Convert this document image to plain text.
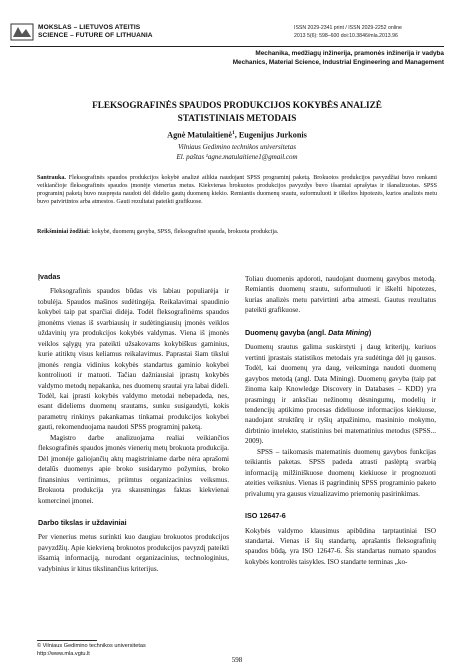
MOKSLAS – LIETUVOS ATEITIS
SCIENCE – FUTURE OF LITHUANIA
ISSN 2029-2341 print / ISSN 2029-2252 online
2013 5(6): 598–600 doi:10.3846/mla.2013.96
Mechanika, medžiagų inžinerija, pramonės inžinerija ir vadyba
Mechanics, Material Science, Industrial Engineering and Management
FLEKSOGRAFINĖS SPAUDOS PRODUKCIJOS KOKYBĖS ANALIZĖ
STATISTINIAIS METODAIS
Agnė Matulaitienė$^1$, Eugenijus Jurkonis
Vilniaus Gedimino technikos universitetas
El. paštas ¹agne.matulaitiene1@gmail.com
Santrauka. Fleksografinės spaudos produkcijos kokybė analizė atlikta naudojant SPSS programinį paketą. Brokuotos produkcijos pavyzdžiai buvo renkami veikiančioje fleksografinės spaudos įmonėje vienerius metus. Kiekvienas brokuotos produkcijos pavyzdys buvo išsamiai aprašytas ir išanalizuotas. SPSS programinį paketą buvo nuspręsta naudoti dėl didelio gautų duomenų kiekio. Remiantis duomenų srautu, suformuluoti ir iškeltos hipotezės, kurios analizės metu buvo patvirtintos arba atmestos. Gauti rezultatai pateikti grafikuose.
Reikšminiai žodžiai: kokybė, duomenų gavyba, SPSS, fleksografinė spauda, brokuota produkcija.
Įvadas

Fleksografinis spaudos būdas vis labiau populiarėja ir tobulėja. Spaudos mašinos sudėtingėja. Reikalavimai spaudinio kokybei taip pat sparčiai didėja. Todėl fleksografinėms spaudos įmonėms vienas iš svarbiausių ir sudėtingiausių įmonės veiklos uždavinių yra produkcijos kokybės valdymas. Viena iš įmonės veiklos sąlygų yra pateikti užsakovams kokybiškus gaminius, kurie atitiktų visus keliamus reikalavimus. Paprastai šiam tikslui įmonės rengia vidinius kokybės standartus gaminio kokybei kontroliuoti ir matuoti. Tačiau dažniausiai įprastų kokybės valdymo metodų nepakanka, nes duomenų srautai yra labai dideli. Todėl, kai įprasti kokybės valdymo metodai nebepadeda, nes, esant dideliems duomenų srautams, sunku susigaudyti, kokis parametrų rinkinys pakankamas tinkamai produkcijos kokybei gauti, rekomenduojama naudoti SPSS programinį paketą.

Magistro darbe analizuojama realiai veikiančios fleksografinės spaudos įmonės vienerių metų brokuota produkcija. Dėl įmonėje galiojančių aktų magistriniame darbe nėra aprašomi detalūs duomenys apie broko susidarymo požymius, broko finansinius vertinimus, priimtus organizacinius veiksmus. Brokuota produkcija yra skausmingas faktas kiekvienai komercinei įmonei.

Darbo tikslas ir uždaviniai

Per vienerius metus surinkti kuo daugiau brokuotos produkcijos pavyzdžių. Apie kiekvieną brokuotos produkcijos pavyzdį pateikti išsamią informaciją, nurodant organizacinius, technologinius, vadybinius ir kitus tikslinančius kriterijus.

Toliau duomenis apdoroti, naudojant duomenų gavybos metodą. Remiantis duomenų srautu, suformuluoti ir iškelti hipotezes, kurias analizės metu patvirtinti arba atmesti. Gautus rezultatus pateikti grafikuose.

Duomenų gavyba (angl. Data Mining)

Duomenų srautus galima suskirstyti į daug kriterijų, kuriuos vertinti įprastais statistikos metodais yra sudėtinga dėl jų gausos. Todėl, kai duomenų yra daug, veiksminga naudoti duomenų gavybos metodą (angl. Data Mining). Duomenų gavyba (taip pat žinoma kaip Knowledge Discovery in Databases – KDD) yra prasmingų ir anksčiau nežinomų dėsningumų, modelių ir tendencijų aptikimo procesas dideliuose informacijos kiekiuose, naudojant struktūrų ir ryšių atpažinimo, masininio mokymo, dirbtinio intelekto, statistinius bei matematinius metodus (SPSS... 2009).

SPSS – taikomasis matematinis duomenų gavybos funkcijas teikiantis paketas. SPSS padeda atrasti paslėptą svarbią informaciją milžiniškuose duomenų kiekiuose ir prognozuoti ateities veiksnius. Vienas iš pagrindinių SPSS programinio paketo privalumų yra gausus vizualizavimo priemonių pasirinkimas.

ISO 12647-6

Kokybės valdymo klausimus apibūdina tarptautiniai ISO standartai. Vienas iš šių standartų, aprašantis fleksografinių spaudos būdą, yra ISO 12647-6. Šis standartas numato spaudos kokybės kontrolės taisykles. ISO standarte terminas „ko-

© Vilniaus Gedimino technikos universitetas
http://www.mla.vgtu.lt
598
